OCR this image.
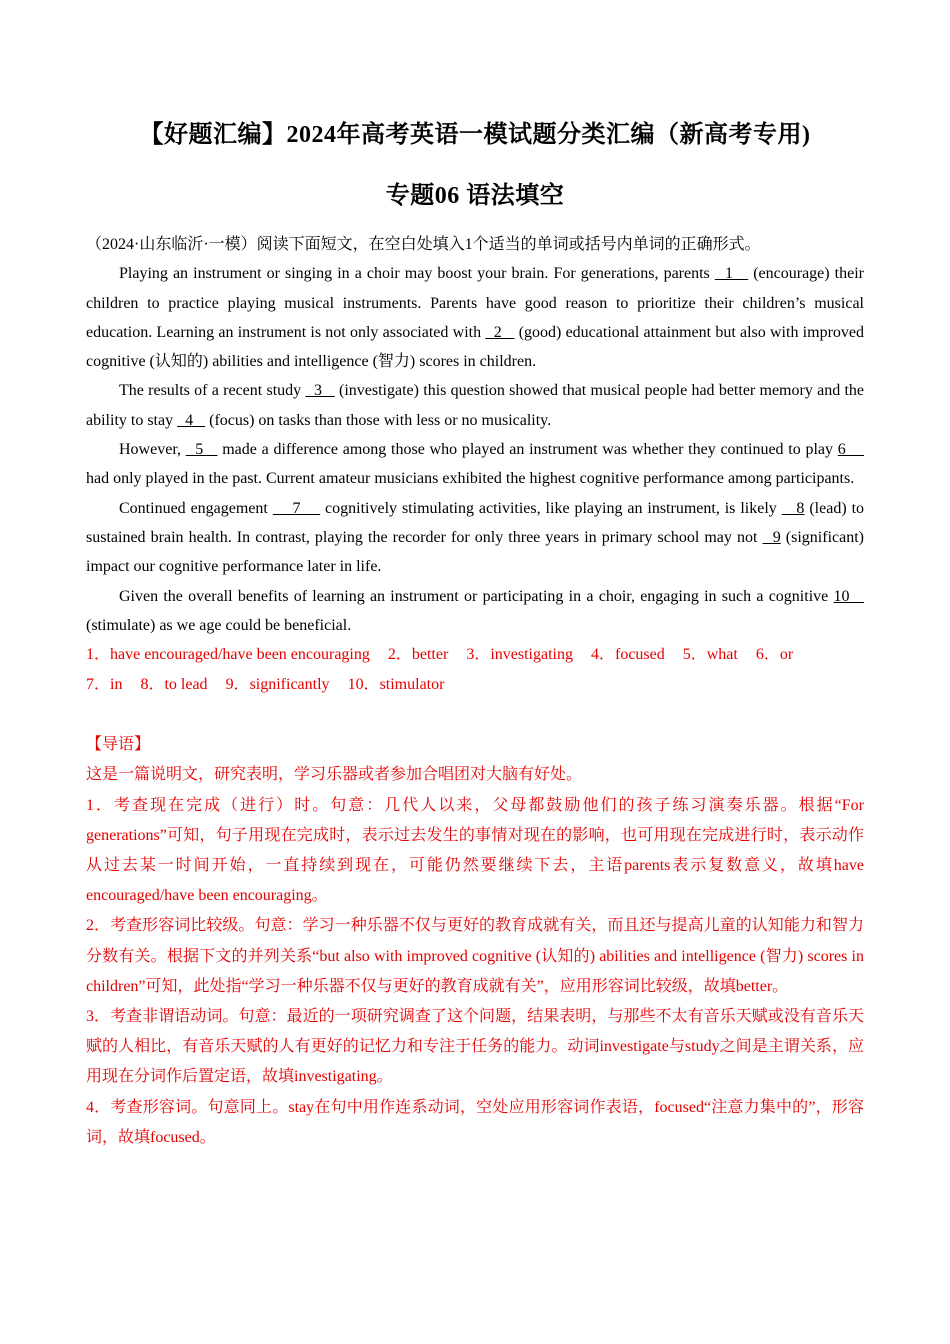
【好题汇编】2024年高考英语一模试题分类汇编（新高考专用)
专题06 语法填空

（2024·山东临沂·一模）阅读下面短文，在空白处填入1个适当的单词或括号内单词的正确形式。

Playing an instrument or singing in a choir may boost your brain. For generations, parents   1    (encourage) their children to practice playing musical instruments. Parents have good reason to prioritize their children’s musical education. Learning an instrument is not only associated with   2    (good) educational attainment but also with improved cognitive (认知的) abilities and intelligence (智力) scores in children.

The results of a recent study   3    (investigate) this question showed that musical people had better memory and the ability to stay   4    (focus) on tasks than those with less or no musicality.

However,   5    made a difference among those who played an instrument was whether they continued to play 6     had only played in the past. Current amateur musicians exhibited the highest cognitive performance among participants.

Continued engagement     7     cognitively stimulating activities, like playing an instrument, is likely    8 (lead) to sustained brain health. In contrast, playing the recorder for only three years in primary school may not   9 (significant) impact our cognitive performance later in life.

Given the overall benefits of learning an instrument or participating in a choir, engaging in such a cognitive 10    (stimulate) as we age could be beneficial.

1．have encouraged/have been encouraging 2．better 3．investigating 4．focused 5．what 6．or
7．in 8．to lead 9．significantly 10．stimulator

【导语】

这是一篇说明文，研究表明，学习乐器或者参加合唱团对大脑有好处。

1．考查现在完成（进行）时。句意：几代人以来，父母都鼓励他们的孩子练习演奏乐器。根据“For generations”可知，句子用现在完成时，表示过去发生的事情对现在的影响，也可用现在完成进行时，表示动作从过去某一时间开始，一直持续到现在，可能仍然要继续下去，主语parents表示复数意义，故填have encouraged/have been encouraging。

2．考查形容词比较级。句意：学习一种乐器不仅与更好的教育成就有关，而且还与提高儿童的认知能力和智力分数有关。根据下文的并列关系“but also with improved cognitive (认知的) abilities and intelligence (智力) scores in children”可知，此处指“学习一种乐器不仅与更好的教育成就有关”，应用形容词比较级，故填better。

3．考查非谓语动词。句意：最近的一项研究调查了这个问题，结果表明，与那些不太有音乐天赋或没有音乐天赋的人相比，有音乐天赋的人有更好的记忆力和专注于任务的能力。动词investigate与study之间是主谓关系，应用现在分词作后置定语，故填investigating。

4．考查形容词。句意同上。stay在句中用作连系动词，空处应用形容词作表语，focused“注意力集中的”，形容词，故填focused。
